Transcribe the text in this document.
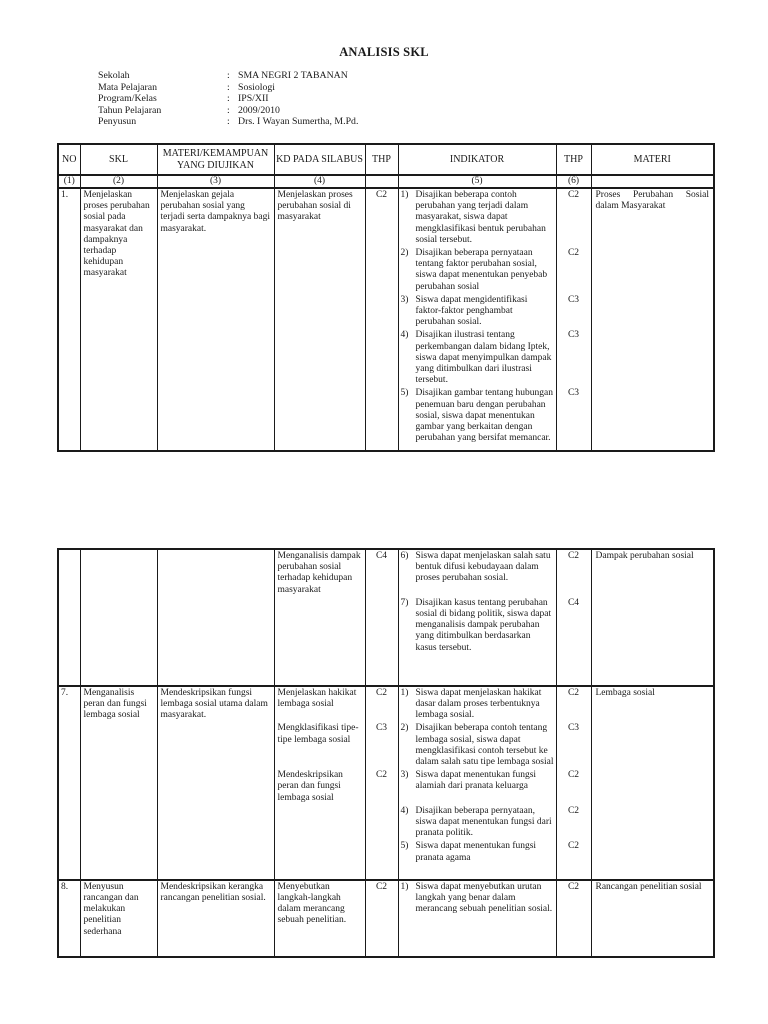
ANALISIS SKL
Sekolah	: SMA NEGRI 2 TABANAN
Mata Pelajaran	: Sosiologi
Program/Kelas	: IPS/XII
Tahun Pelajaran	: 2009/2010
Penyusun	: Drs. I Wayan Sumertha, M.Pd.
NO	SKL	MATERI/KEMAMPUAN YANG DIUJIKAN	KD PADA SILABUS	THP	INDIKATOR	THP	MATERI
(1)	(2)	(3)	(4)		(5)	(6)	
1.	Menjelaskan proses perubahan sosial pada masyarakat dan dampaknya terhadap kehidupan masyarakat	Menjelaskan gejala perubahan sosial yang terjadi serta dampaknya bagi masyarakat.	Menjelaskan proses perubahan sosial di masyarakat	C2	1) Disajikan beberapa contoh perubahan yang terjadi dalam masyarakat, siswa dapat mengklasifikasi bentuk perubahan sosial tersebut.	C2	Proses Perubahan Sosial dalam Masyarakat

					2) Disajikan beberapa pernyataan tentang faktor perubahan sosial, siswa dapat menentukan penyebab perubahan sosial	C2	

					3) Siswa dapat mengidentifikasi faktor-faktor penghambat perubahan sosial.	C3	

					4) Disajikan ilustrasi tentang perkembangan dalam bidang Iptek, siswa dapat menyimpulkan dampak yang ditimbulkan dari ilustrasi tersebut.	C3	

					5) Disajikan gambar tentang hubungan penemuan baru dengan perubahan sosial, siswa dapat menentukan gambar yang berkaitan dengan perubahan yang bersifat memancar.	C3	

			Menganalisis dampak perubahan sosial terhadap kehidupan masyarakat	C4	6) Siswa dapat menjelaskan salah satu bentuk difusi kebudayaan dalam proses perubahan sosial.	C2	Dampak perubahan sosial

					7) Disajikan kasus tentang perubahan sosial di bidang politik, siswa dapat menganalisis dampak perubahan yang ditimbulkan berdasarkan kasus tersebut.	C4	

7.	Menganalisis peran dan fungsi lembaga sosial	Mendeskripsikan fungsi lembaga sosial utama dalam masyarakat.	Menjelaskan hakikat lembaga sosial	C2	1) Siswa dapat menjelaskan hakikat dasar dalam proses terbentuknya lembaga sosial.	C2	Lembaga sosial
			Mengklasifikasi tipe-tipe lembaga sosial	C3	2) Disajikan beberapa contoh tentang lembaga sosial, siswa dapat mengklasifikasi contoh tersebut ke dalam salah satu tipe lembaga sosial	C3	
			Mendeskripsikan peran dan fungsi lembaga sosial	C2	3) Siswa dapat menentukan fungsi alamiah dari pranata keluarga	C2	

					4) Disajikan beberapa pernyataan, siswa dapat menentukan fungsi dari pranata politik.	C2	

					5) Siswa dapat menentukan fungsi pranata agama	C2	

8.	Menyusun rancangan dan melakukan penelitian sederhana	Mendeskripsikan kerangka rancangan penelitian sosial.	Menyebutkan langkah-langkah dalam merancang sebuah penelitian.	C2	1) Siswa dapat menyebutkan urutan langkah yang benar dalam merancang sebuah penelitian sosial.	C2	Rancangan penelitian sosial
